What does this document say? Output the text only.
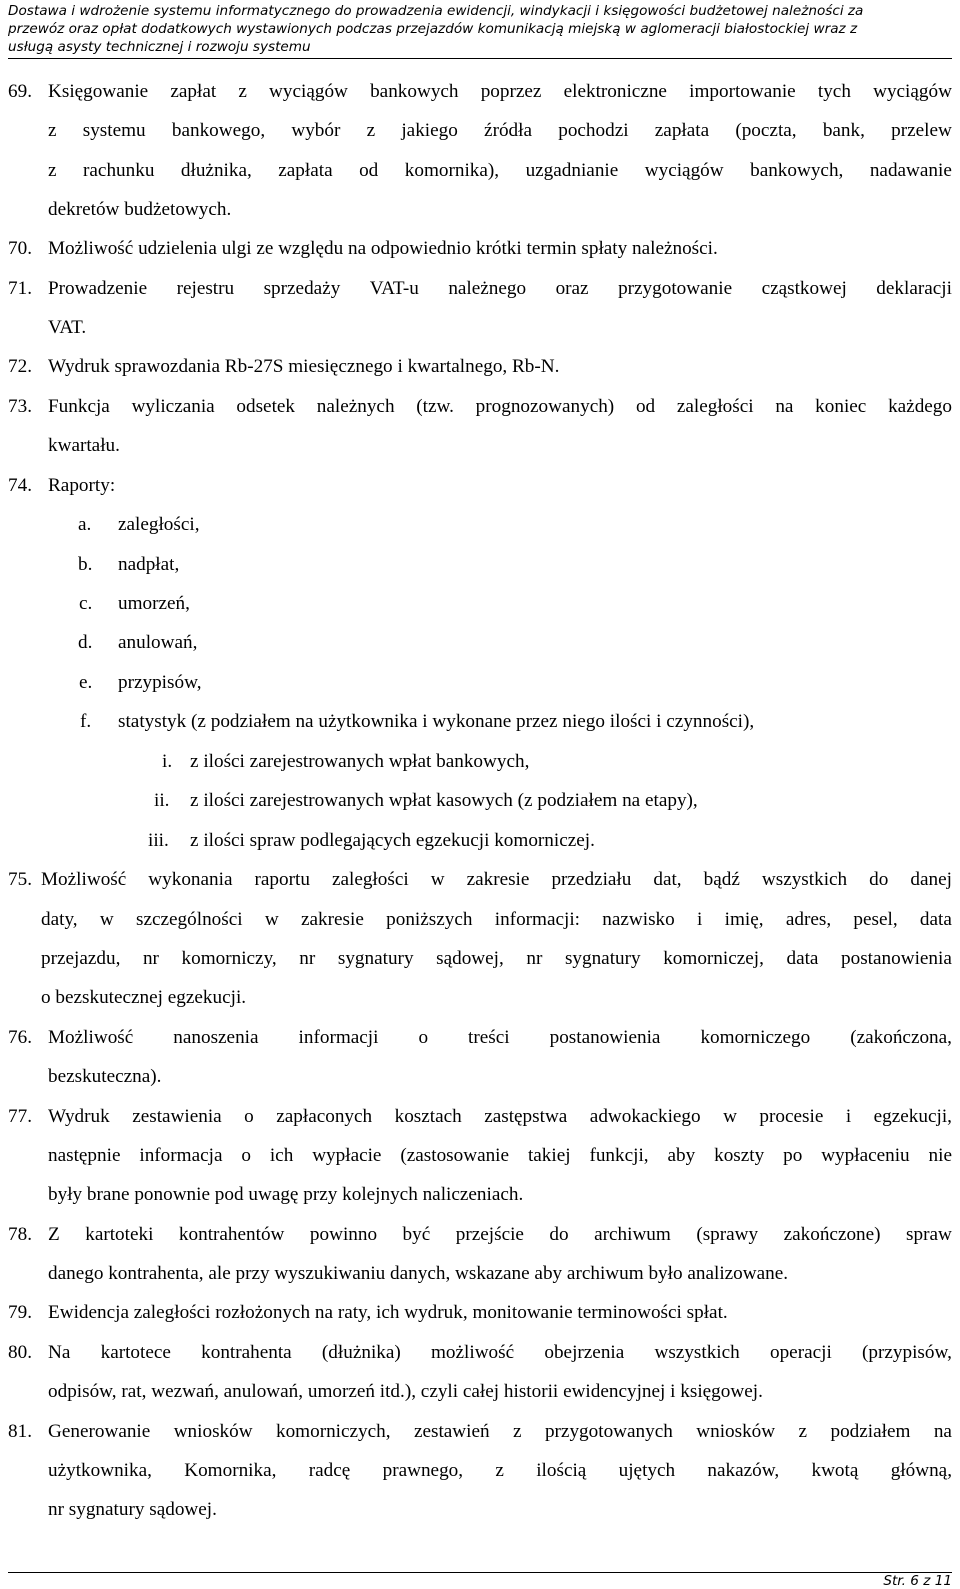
Dostawa i wdrożenie systemu informatycznego do prowadzenia ewidencji, windykacji i księgowości budżetowej należności za
przewóz oraz opłat dodatkowych wystawionych podczas przejazdów komunikacją miejską w aglomeracji białostockiej wraz z
usługą asysty technicznej i rozwoju systemu
69. Księgowanie zapłat z wyciągów bankowych poprzez elektroniczne importowanie tych wyciągów
z systemu bankowego, wybór z jakiego źródła pochodzi zapłata (poczta, bank, przelew
z rachunku dłużnika, zapłata od komornika), uzgadnianie wyciągów bankowych, nadawanie
dekretów budżetowych.
70. Możliwość udzielenia ulgi ze względu na odpowiednio krótki termin spłaty należności.
71. Prowadzenie rejestru sprzedaży VAT-u należnego oraz przygotowanie cząstkowej deklaracji
VAT.
72. Wydruk sprawozdania Rb-27S miesięcznego i kwartalnego, Rb-N.
73. Funkcja wyliczania odsetek należnych (tzw. prognozowanych) od zaległości na koniec każdego
kwartału.
74. Raporty:
a. zaległości,
b. nadpłat,
c. umorzeń,
d. anulowań,
e. przypisów,
f. statystyk (z podziałem na użytkownika i wykonane przez niego ilości i czynności),
i. z ilości zarejestrowanych wpłat bankowych,
ii. z ilości zarejestrowanych wpłat kasowych (z podziałem na etapy),
iii. z ilości spraw podlegających egzekucji komorniczej.
75. Możliwość wykonania raportu zaległości w zakresie przedziału dat, bądź wszystkich do danej
daty, w szczególności w zakresie poniższych informacji: nazwisko i imię, adres, pesel, data
przejazdu, nr komorniczy, nr sygnatury sądowej, nr sygnatury komorniczej, data postanowienia
o bezskutecznej egzekucji.
76. Możliwość nanoszenia informacji o treści postanowienia komorniczego (zakończona,
bezskuteczna).
77. Wydruk zestawienia o zapłaconych kosztach zastępstwa adwokackiego w procesie i egzekucji,
następnie informacja o ich wypłacie (zastosowanie takiej funkcji, aby koszty po wypłaceniu nie
były brane ponownie pod uwagę przy kolejnych naliczeniach.
78. Z kartoteki kontrahentów powinno być przejście do archiwum (sprawy zakończone) spraw
danego kontrahenta, ale przy wyszukiwaniu danych, wskazane aby archiwum było analizowane.
79. Ewidencja zaległości rozłożonych na raty, ich wydruk, monitowanie terminowości spłat.
80. Na kartotece kontrahenta (dłużnika) możliwość obejrzenia wszystkich operacji (przypisów,
odpisów, rat, wezwań, anulowań, umorzeń itd.), czyli całej historii ewidencyjnej i księgowej.
81. Generowanie wniosków komorniczych, zestawień z przygotowanych wniosków z podziałem na
użytkownika, Komornika, radcę prawnego, z ilością ujętych nakazów, kwotą główną,
nr sygnatury sądowej.
Str. 6 z 11
